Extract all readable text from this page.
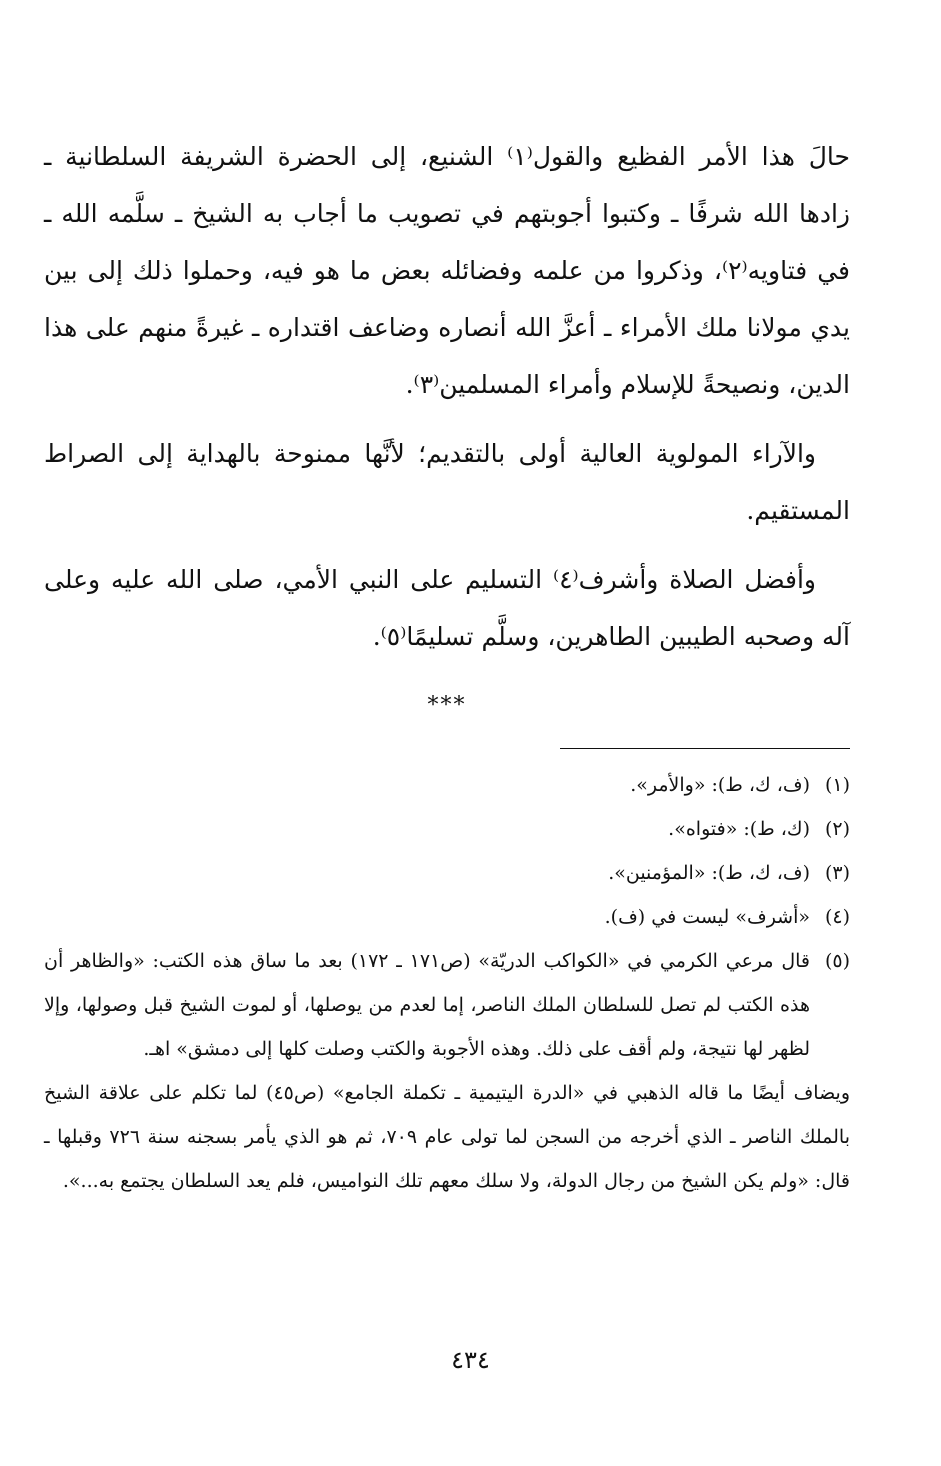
حالَ هذا الأمر الفظيع والقول⁽١⁾ الشنيع، إلى الحضرة الشريفة السلطانية ـ زادها الله شرفًا ـ وكتبوا أجوبتهم في تصويب ما أجاب به الشيخ ـ سلَّمه الله ـ في فتاويه⁽٢⁾، وذكروا من علمه وفضائله بعض ما هو فيه، وحملوا ذلك إلى بين يدي مولانا ملك الأمراء ـ أعزَّ الله أنصاره وضاعف اقتداره ـ غيرةً منهم على هذا الدين، ونصيحةً للإسلام وأمراء المسلمين⁽٣⁾.

والآراء المولوية العالية أولى بالتقديم؛ لأنَّها ممنوحة بالهداية إلى الصراط المستقيم.

وأفضل الصلاة وأشرف⁽٤⁾ التسليم على النبي الأمي، صلى الله عليه وعلى آله وصحبه الطيبين الطاهرين، وسلَّم تسليمًا⁽٥⁾.

***
(١)
(ف، ك، ط): «والأمر».
(٢)
(ك، ط): «فتواه».
(٣)
(ف، ك، ط): «المؤمنين».
(٤)
«أشرف» ليست في (ف).
(٥)
قال مرعي الكرمي في «الكواكب الدريّة» (ص١٧١ ـ ١٧٢) بعد ما ساق هذه الكتب: «والظاهر أن هذه الكتب لم تصل للسلطان الملك الناصر، إما لعدم من يوصلها، أو لموت الشيخ قبل وصولها، وإلا لظهر لها نتيجة، ولم أقف على ذلك. وهذه الأجوبة والكتب وصلت كلها إلى دمشق» اهـ.
ويضاف أيضًا ما قاله الذهبي في «الدرة اليتيمية ـ تكملة الجامع» (ص٤٥) لما تكلم على علاقة الشيخ بالملك الناصر ـ الذي أخرجه من السجن لما تولى عام ٧٠٩، ثم هو الذي يأمر بسجنه سنة ٧٢٦ وقبلها ـ قال: «ولم يكن الشيخ من رجال الدولة، ولا سلك معهم تلك النواميس، فلم يعد السلطان يجتمع به...».
٤٣٤
